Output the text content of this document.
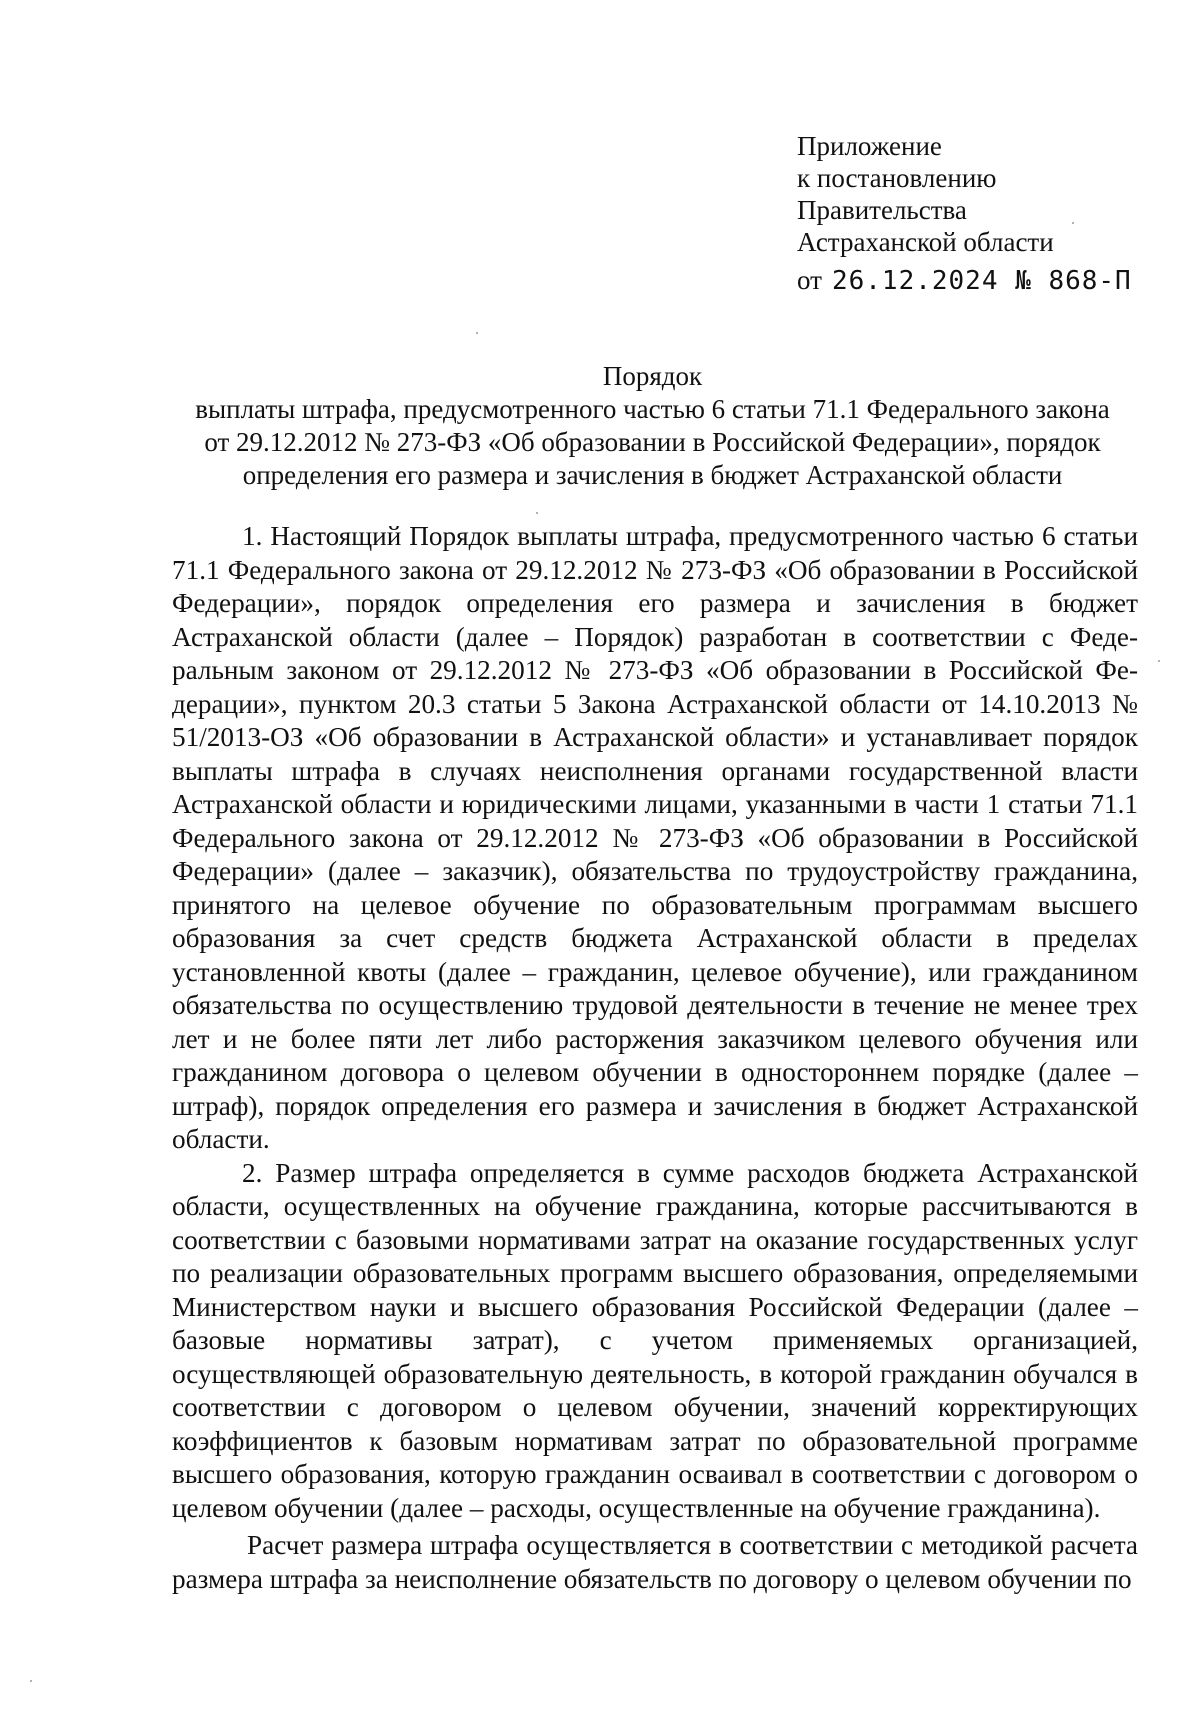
Приложение
к постановлению
Правительства
Астраханской области
от 26.12.2024 № 868-П
Порядок
выплаты штрафа, предусмотренного частью 6 статьи 71.1 Федерального закона
от 29.12.2012 № 273-ФЗ «Об образовании в Российской Федерации», порядок
определения его размера и зачисления в бюджет Астраханской области

1. Настоящий Порядок выплаты штрафа, предусмотренного частью 6 статьи 71.1 Федерального закона от 29.12.2012 № 273-ФЗ «Об образовании в Российской Федерации», порядок определения его размера и зачисления в бюджет Астраханской области (далее – Порядок) разработан в соответствии с Федеральным законом от 29.12.2012 № 273-ФЗ «Об образовании в Российской Федерации», пунктом 20.3 статьи 5 Закона Астраханской области от 14.10.2013 № 51/2013-ОЗ «Об образовании в Астраханской области» и устанавливает порядок выплаты штрафа в случаях неисполнения органами государственной власти Астраханской области и юридическими лицами, указанными в части 1 статьи 71.1 Федерального закона от 29.12.2012 № 273-ФЗ «Об образовании в Российской Федерации» (далее – заказчик), обязательства по трудоустройству гражданина, принятого на целевое обучение по образовательным программам высшего образования за счет средств бюджета Астраханской области в пределах установленной квоты (далее – гражданин, целевое обучение), или гражданином обязательства по осуществлению трудовой деятельности в течение не менее трех лет и не более пяти лет либо расторжения заказчиком целевого обучения или гражданином договора о целевом обучении в одностороннем порядке (далее – штраф), порядок определения его размера и зачисления в бюджет Астраханской области.

2. Размер штрафа определяется в сумме расходов бюджета Астраханской области, осуществленных на обучение гражданина, которые рассчитываются в соответствии с базовыми нормативами затрат на оказание государственных услуг по реализации образовательных программ высшего образования, определяемыми Министерством науки и высшего образования Российской Федерации (далее – базовые нормативы затрат), с учетом применяемых организацией, осуществляющей образовательную деятельность, в которой гражданин обучался в соответствии с договором о целевом обучении, значений корректирующих коэффициентов к базовым нормативам затрат по образовательной программе высшего образования, которую гражданин осваивал в соответствии с договором о целевом обучении (далее – расходы, осуществленные на обучение гражданина).

Расчет размера штрафа осуществляется в соответствии с методикой расчета размера штрафа за неисполнение обязательств по договору о целевом обучении по
